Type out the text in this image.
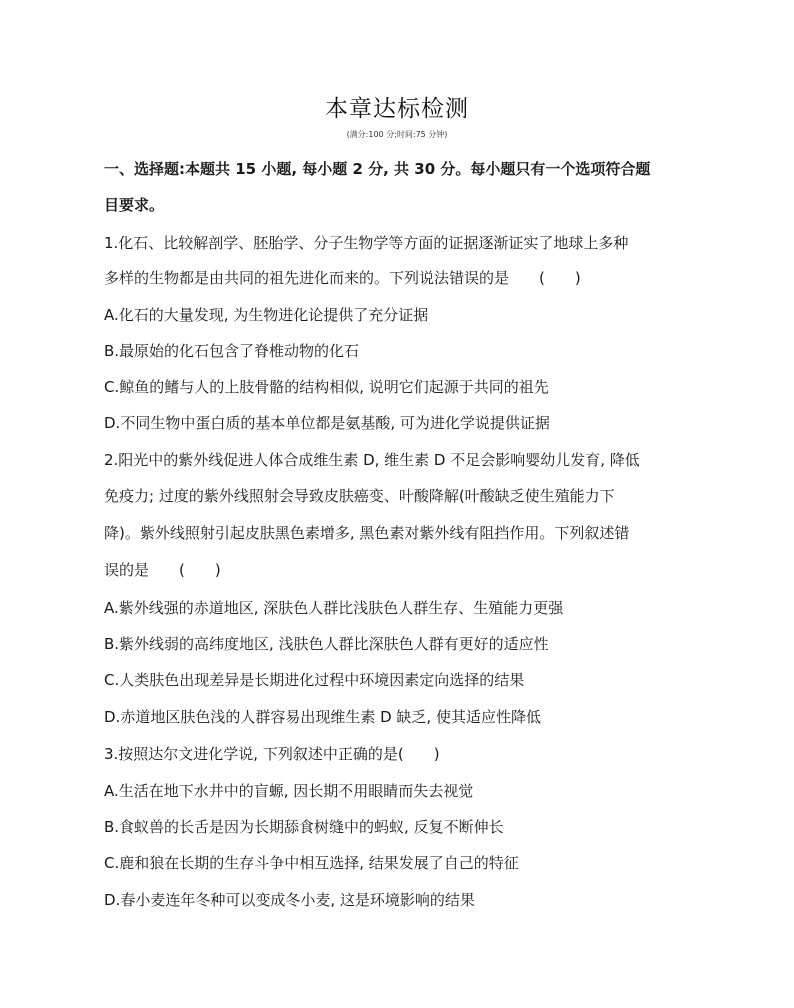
本章达标检测
(满分:100 分;时间:75 分钟)
一、选择题:本题共 15 小题, 每小题 2 分, 共 30 分。每小题只有一个选项符合题
目要求。
1.化石、比较解剖学、胚胎学、分子生物学等方面的证据逐渐证实了地球上多种
多样的生物都是由共同的祖先进化而来的。下列说法错误的是 (　　)
A.化石的大量发现, 为生物进化论提供了充分证据
B.最原始的化石包含了脊椎动物的化石
C.鲸鱼的鳍与人的上肢骨骼的结构相似, 说明它们起源于共同的祖先
D.不同生物中蛋白质的基本单位都是氨基酸, 可为进化学说提供证据
2.阳光中的紫外线促进人体合成维生素 D, 维生素 D 不足会影响婴幼儿发育, 降低
免疫力; 过度的紫外线照射会导致皮肤癌变、叶酸降解(叶酸缺乏使生殖能力下
降)。紫外线照射引起皮肤黑色素增多, 黑色素对紫外线有阻挡作用。下列叙述错
误的是 (　　)
A.紫外线强的赤道地区, 深肤色人群比浅肤色人群生存、生殖能力更强
B.紫外线弱的高纬度地区, 浅肤色人群比深肤色人群有更好的适应性
C.人类肤色出现差异是长期进化过程中环境因素定向选择的结果
D.赤道地区肤色浅的人群容易出现维生素 D 缺乏, 使其适应性降低
3.按照达尔文进化学说, 下列叙述中正确的是(　　)
A.生活在地下水井中的盲螈, 因长期不用眼睛而失去视觉
B.食蚁兽的长舌是因为长期舔食树缝中的蚂蚁, 反复不断伸长
C.鹿和狼在长期的生存斗争中相互选择, 结果发展了自己的特征
D.春小麦连年冬种可以变成冬小麦, 这是环境影响的结果
